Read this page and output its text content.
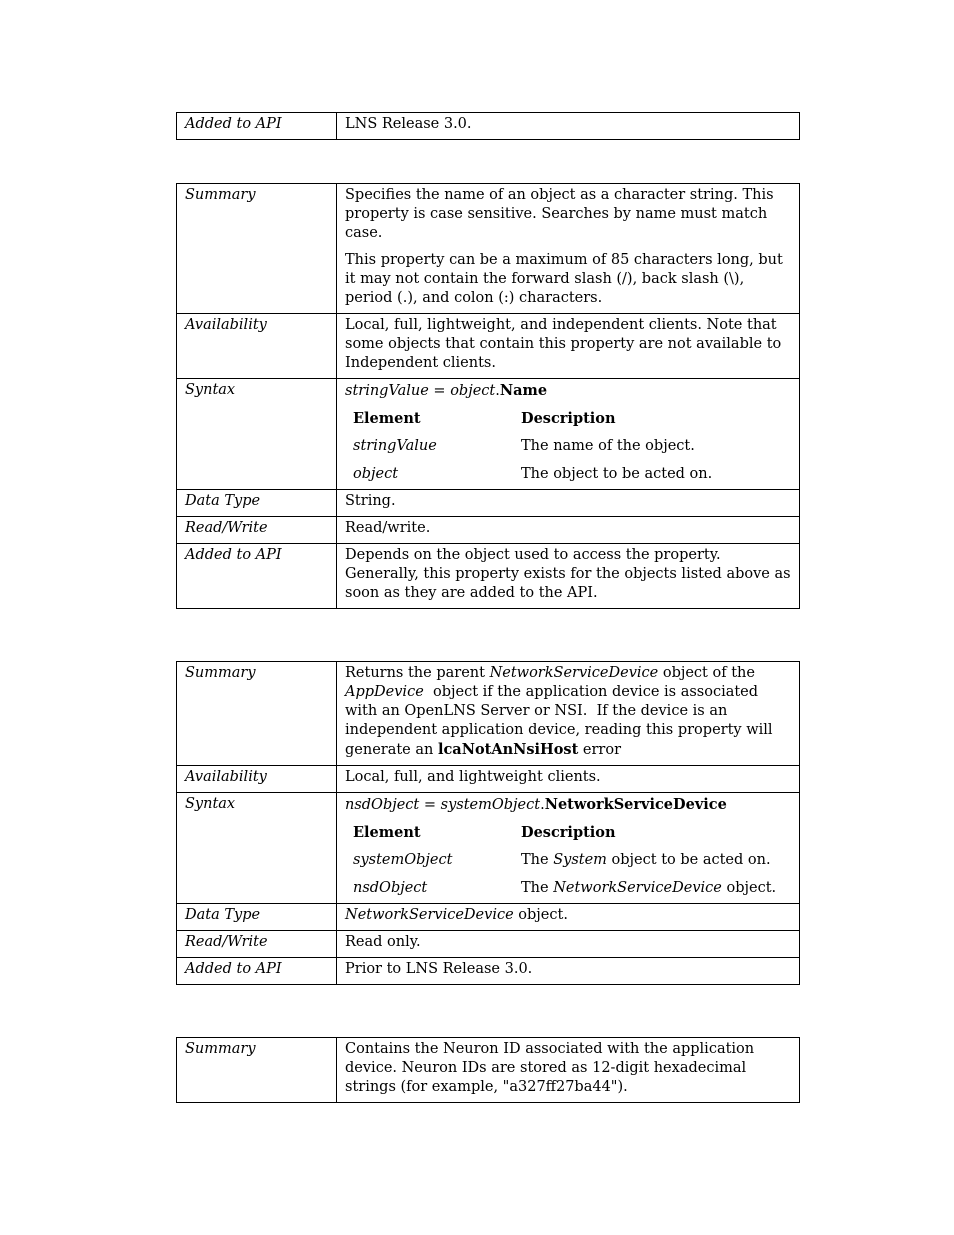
Added to API	LNS Release 3.0.
Summary	Specifies the name of an object as a character string. This property is case sensitive. Searches by name must match case.

This property can be a maximum of 85 characters long, but it may not contain the forward slash (/), back slash (\), period (.), and colon (:) characters.

Availability	Local, full, lightweight, and independent clients. Note that some objects that contain this property are not available to Independent clients.
Syntax	stringValue = object.Name
Element	Description
stringValue	The name of the object.
object	The object to be acted on.

Data Type	String.
Read/Write	Read/write.
Added to API	Depends on the object used to access the property. Generally, this property exists for the objects listed above as soon as they are added to the API.
Summary	Returns the parent NetworkServiceDevice object of the AppDevice  object if the application device is associated with an OpenLNS Server or NSI.  If the device is an independent application device, reading this property will generate an lcaNotAnNsiHost error
Availability	Local, full, and lightweight clients.
Syntax	nsdObject = systemObject.NetworkServiceDevice
Element	Description
systemObject	The System object to be acted on.
nsdObject	The NetworkServiceDevice object.

Data Type	NetworkServiceDevice object.
Read/Write	Read only.
Added to API	Prior to LNS Release 3.0.
Summary	Contains the Neuron ID associated with the application device. Neuron IDs are stored as 12-digit hexadecimal strings (for example, "a327ff27ba44").
